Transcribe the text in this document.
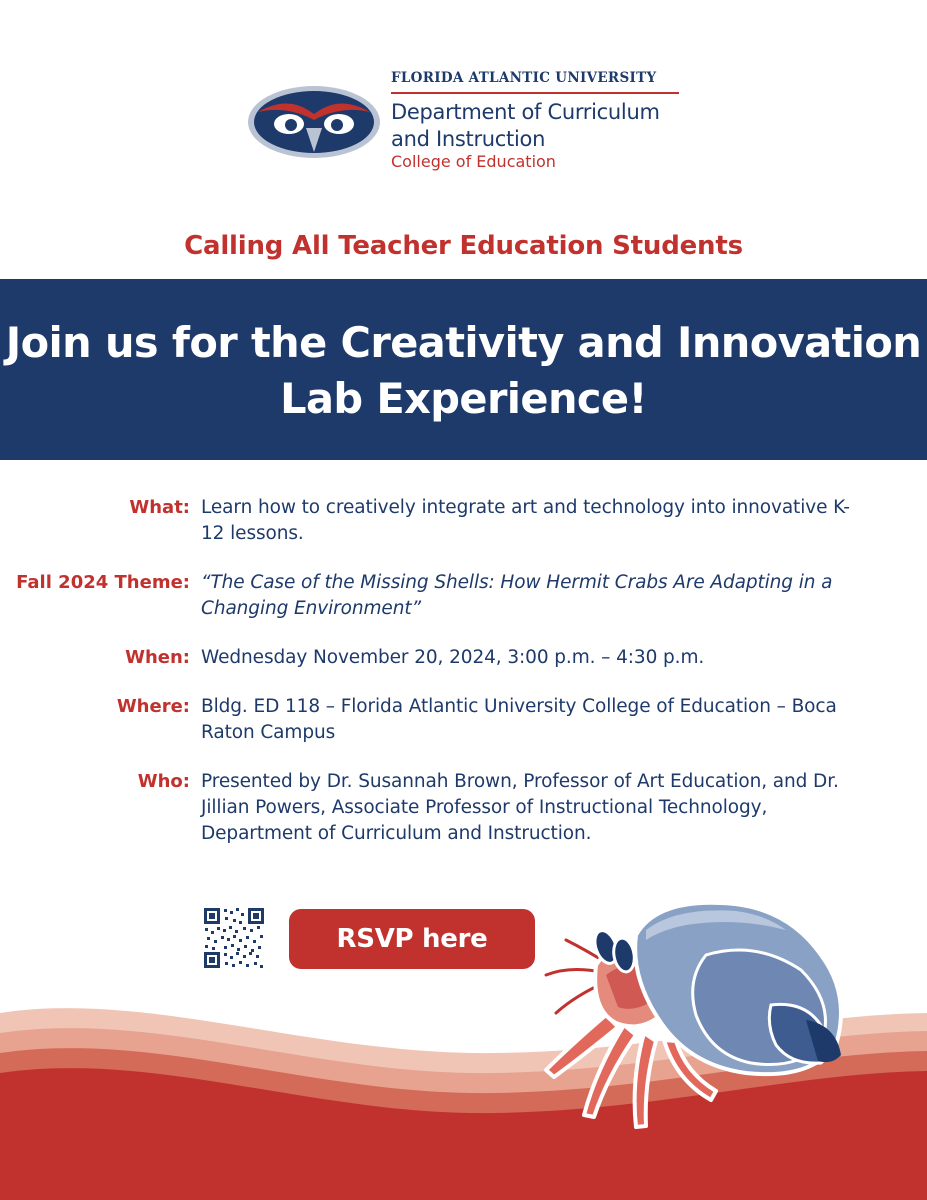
FLORIDA ATLANTIC UNIVERSITY
Department of Curriculum and Instruction
College of Education
Calling All Teacher Education Students
Join us for the Creativity and Innovation Lab Experience!
What: Learn how to creatively integrate art and technology into innovative K-12 lessons.
Fall 2024 Theme: “The Case of the Missing Shells: How Hermit Crabs Are Adapting in a Changing Environment”
When: Wednesday November 20, 2024, 3:00 p.m. – 4:30 p.m.
Where: Bldg. ED 118 – Florida Atlantic University College of Education – Boca Raton Campus
Who: Presented by Dr. Susannah Brown, Professor of Art Education, and Dr. Jillian Powers, Associate Professor of Instructional Technology, Department of Curriculum and Instruction.
RSVP here
